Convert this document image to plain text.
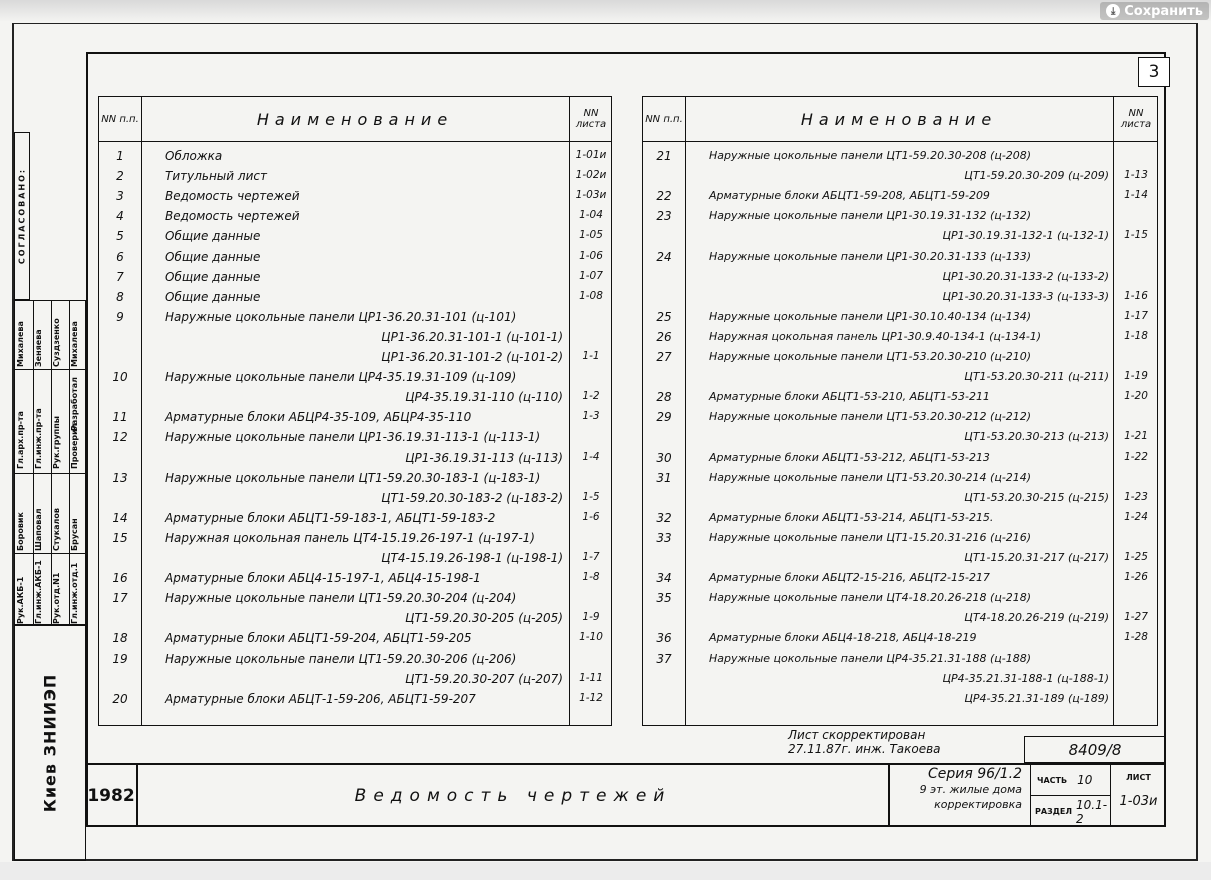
⤓ Сохранить
3
NN п.п.	Наименование	NN листа
1	Обложка	1-01и
2	Титульный лист	1-02и
3	Ведомость чертежей	1-03и
4	Ведомость чертежей	1-04
5	Общие данные	1-05
6	Общие данные	1-06
7	Общие данные	1-07
8	Общие данные	1-08
9	Наружные цокольные панели ЦР1-36.20.31-101 (ц-101)
ЦР1-36.20.31-101-1 (ц-101-1)
ЦР1-36.20.31-101-2 (ц-101-2)	1-1
10	Наружные цокольные панели ЦР4-35.19.31-109 (ц-109)
ЦР4-35.19.31-110 (ц-110)	1-2
11	Арматурные блоки АБЦР4-35-109, АБЦР4-35-110	1-3
12	Наружные цокольные панели ЦР1-36.19.31-113-1 (ц-113-1)
ЦР1-36.19.31-113 (ц-113)	1-4
13	Наружные цокольные панели ЦТ1-59.20.30-183-1 (ц-183-1)
ЦТ1-59.20.30-183-2 (ц-183-2)	1-5
14	Арматурные блоки АБЦТ1-59-183-1, АБЦТ1-59-183-2	1-6
15	Наружная цокольная панель ЦТ4-15.19.26-197-1 (ц-197-1)
ЦТ4-15.19.26-198-1 (ц-198-1)	1-7
16	Арматурные блоки АБЦ4-15-197-1, АБЦ4-15-198-1	1-8
17	Наружные цокольные панели ЦТ1-59.20.30-204 (ц-204)
ЦТ1-59.20.30-205 (ц-205)	1-9
18	Арматурные блоки АБЦТ1-59-204, АБЦТ1-59-205	1-10
19	Наружные цокольные панели ЦТ1-59.20.30-206 (ц-206)
ЦТ1-59.20.30-207 (ц-207)	1-11
20	Арматурные блоки АБЦТ-1-59-206, АБЦТ1-59-207	1-12
NN п.п.	Наименование	NN листа
21	Наружные цокольные панели ЦТ1-59.20.30-208 (ц-208)
ЦТ1-59.20.30-209 (ц-209)	1-13
22	Арматурные блоки АБЦТ1-59-208, АБЦТ1-59-209	1-14
23	Наружные цокольные панели ЦР1-30.19.31-132 (ц-132)
ЦР1-30.19.31-132-1 (ц-132-1)	1-15
24	Наружные цокольные панели ЦР1-30.20.31-133 (ц-133)
ЦР1-30.20.31-133-2 (ц-133-2)
ЦР1-30.20.31-133-3 (ц-133-3)	1-16
25	Наружные цокольные панели ЦР1-30.10.40-134 (ц-134)	1-17
26	Наружная цокольная панель ЦР1-30.9.40-134-1 (ц-134-1)	1-18
27	Наружные цокольные панели ЦТ1-53.20.30-210 (ц-210)
ЦТ1-53.20.30-211 (ц-211)	1-19
28	Арматурные блоки АБЦТ1-53-210, АБЦТ1-53-211	1-20
29	Наружные цокольные панели ЦТ1-53.20.30-212 (ц-212)
ЦТ1-53.20.30-213 (ц-213)	1-21
30	Арматурные блоки АБЦТ1-53-212, АБЦТ1-53-213	1-22
31	Наружные цокольные панели ЦТ1-53.20.30-214 (ц-214)
ЦТ1-53.20.30-215 (ц-215)	1-23
32	Арматурные блоки АБЦТ1-53-214, АБЦТ1-53-215.	1-24
33	Наружные цокольные панели ЦТ1-15.20.31-216 (ц-216)
ЦТ1-15.20.31-217 (ц-217)	1-25
34	Арматурные блоки АБЦТ2-15-216, АБЦТ2-15-217	1-26
35	Наружные цокольные панели ЦТ4-18.20.26-218 (ц-218)
ЦТ4-18.20.26-219 (ц-219)	1-27
36	Арматурные блоки АБЦ4-18-218, АБЦ4-18-219	1-28
37	Наружные цокольные панели ЦР4-35.21.31-188 (ц-188)
ЦР4-35.21.31-188-1 (ц-188-1)
ЦР4-35.21.31-189 (ц-189)
СОГЛАСОВАНО:
Михалева Зеняева Суздзенко Михалева
Гл.арх.пр-та Гл.инж.пр-та Рук.группы
Разработал
Проверил
Боровик Шаповал Стукалов Брусан
Рук.АКБ-1 Гл.инж.АКБ-1 Рук.отд.N1 Гл.инж.отд.1
Киев ЗНИИЭП	Лист скорректирован
27.11.87г. инж. Такоева	8409/8
1982	Ведомость чертежей
Серия 96/1.2
9 эт. жилые дома
корректировка
ЧАСТЬ 10
РАЗДЕЛ 10.1-2
ЛИСТ
1-03и
